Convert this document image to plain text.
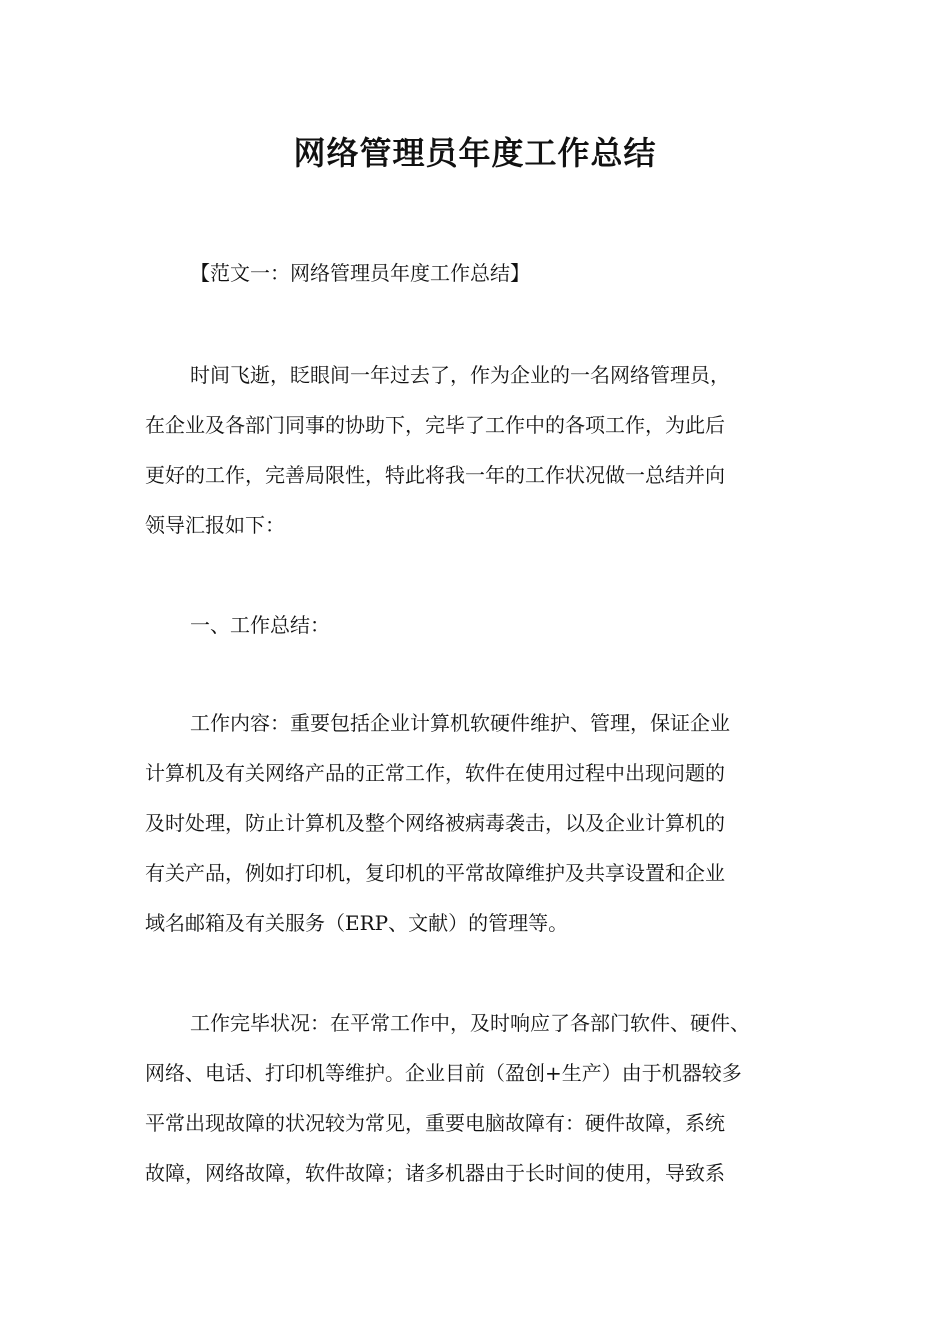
网络管理员年度工作总结
【范文一：网络管理员年度工作总结】
时间飞逝，眨眼间一年过去了，作为企业的一名网络管理员，
在企业及各部门同事的协助下，完毕了工作中的各项工作，为此后
更好的工作，完善局限性，特此将我一年的工作状况做一总结并向
领导汇报如下：
一、工作总结：
工作内容：重要包括企业计算机软硬件维护、管理，保证企业
计算机及有关网络产品的正常工作，软件在使用过程中出现问题的
及时处理，防止计算机及整个网络被病毒袭击，以及企业计算机的
有关产品，例如打印机，复印机的平常故障维护及共享设置和企业
域名邮箱及有关服务（ERP、文献）的管理等。
工作完毕状况：在平常工作中，及时响应了各部门软件、硬件、
网络、电话、打印机等维护。企业目前（盈创+生产）由于机器较多
平常出现故障的状况较为常见，重要电脑故障有：硬件故障，系统
故障，网络故障，软件故障；诸多机器由于长时间的使用，导致系
